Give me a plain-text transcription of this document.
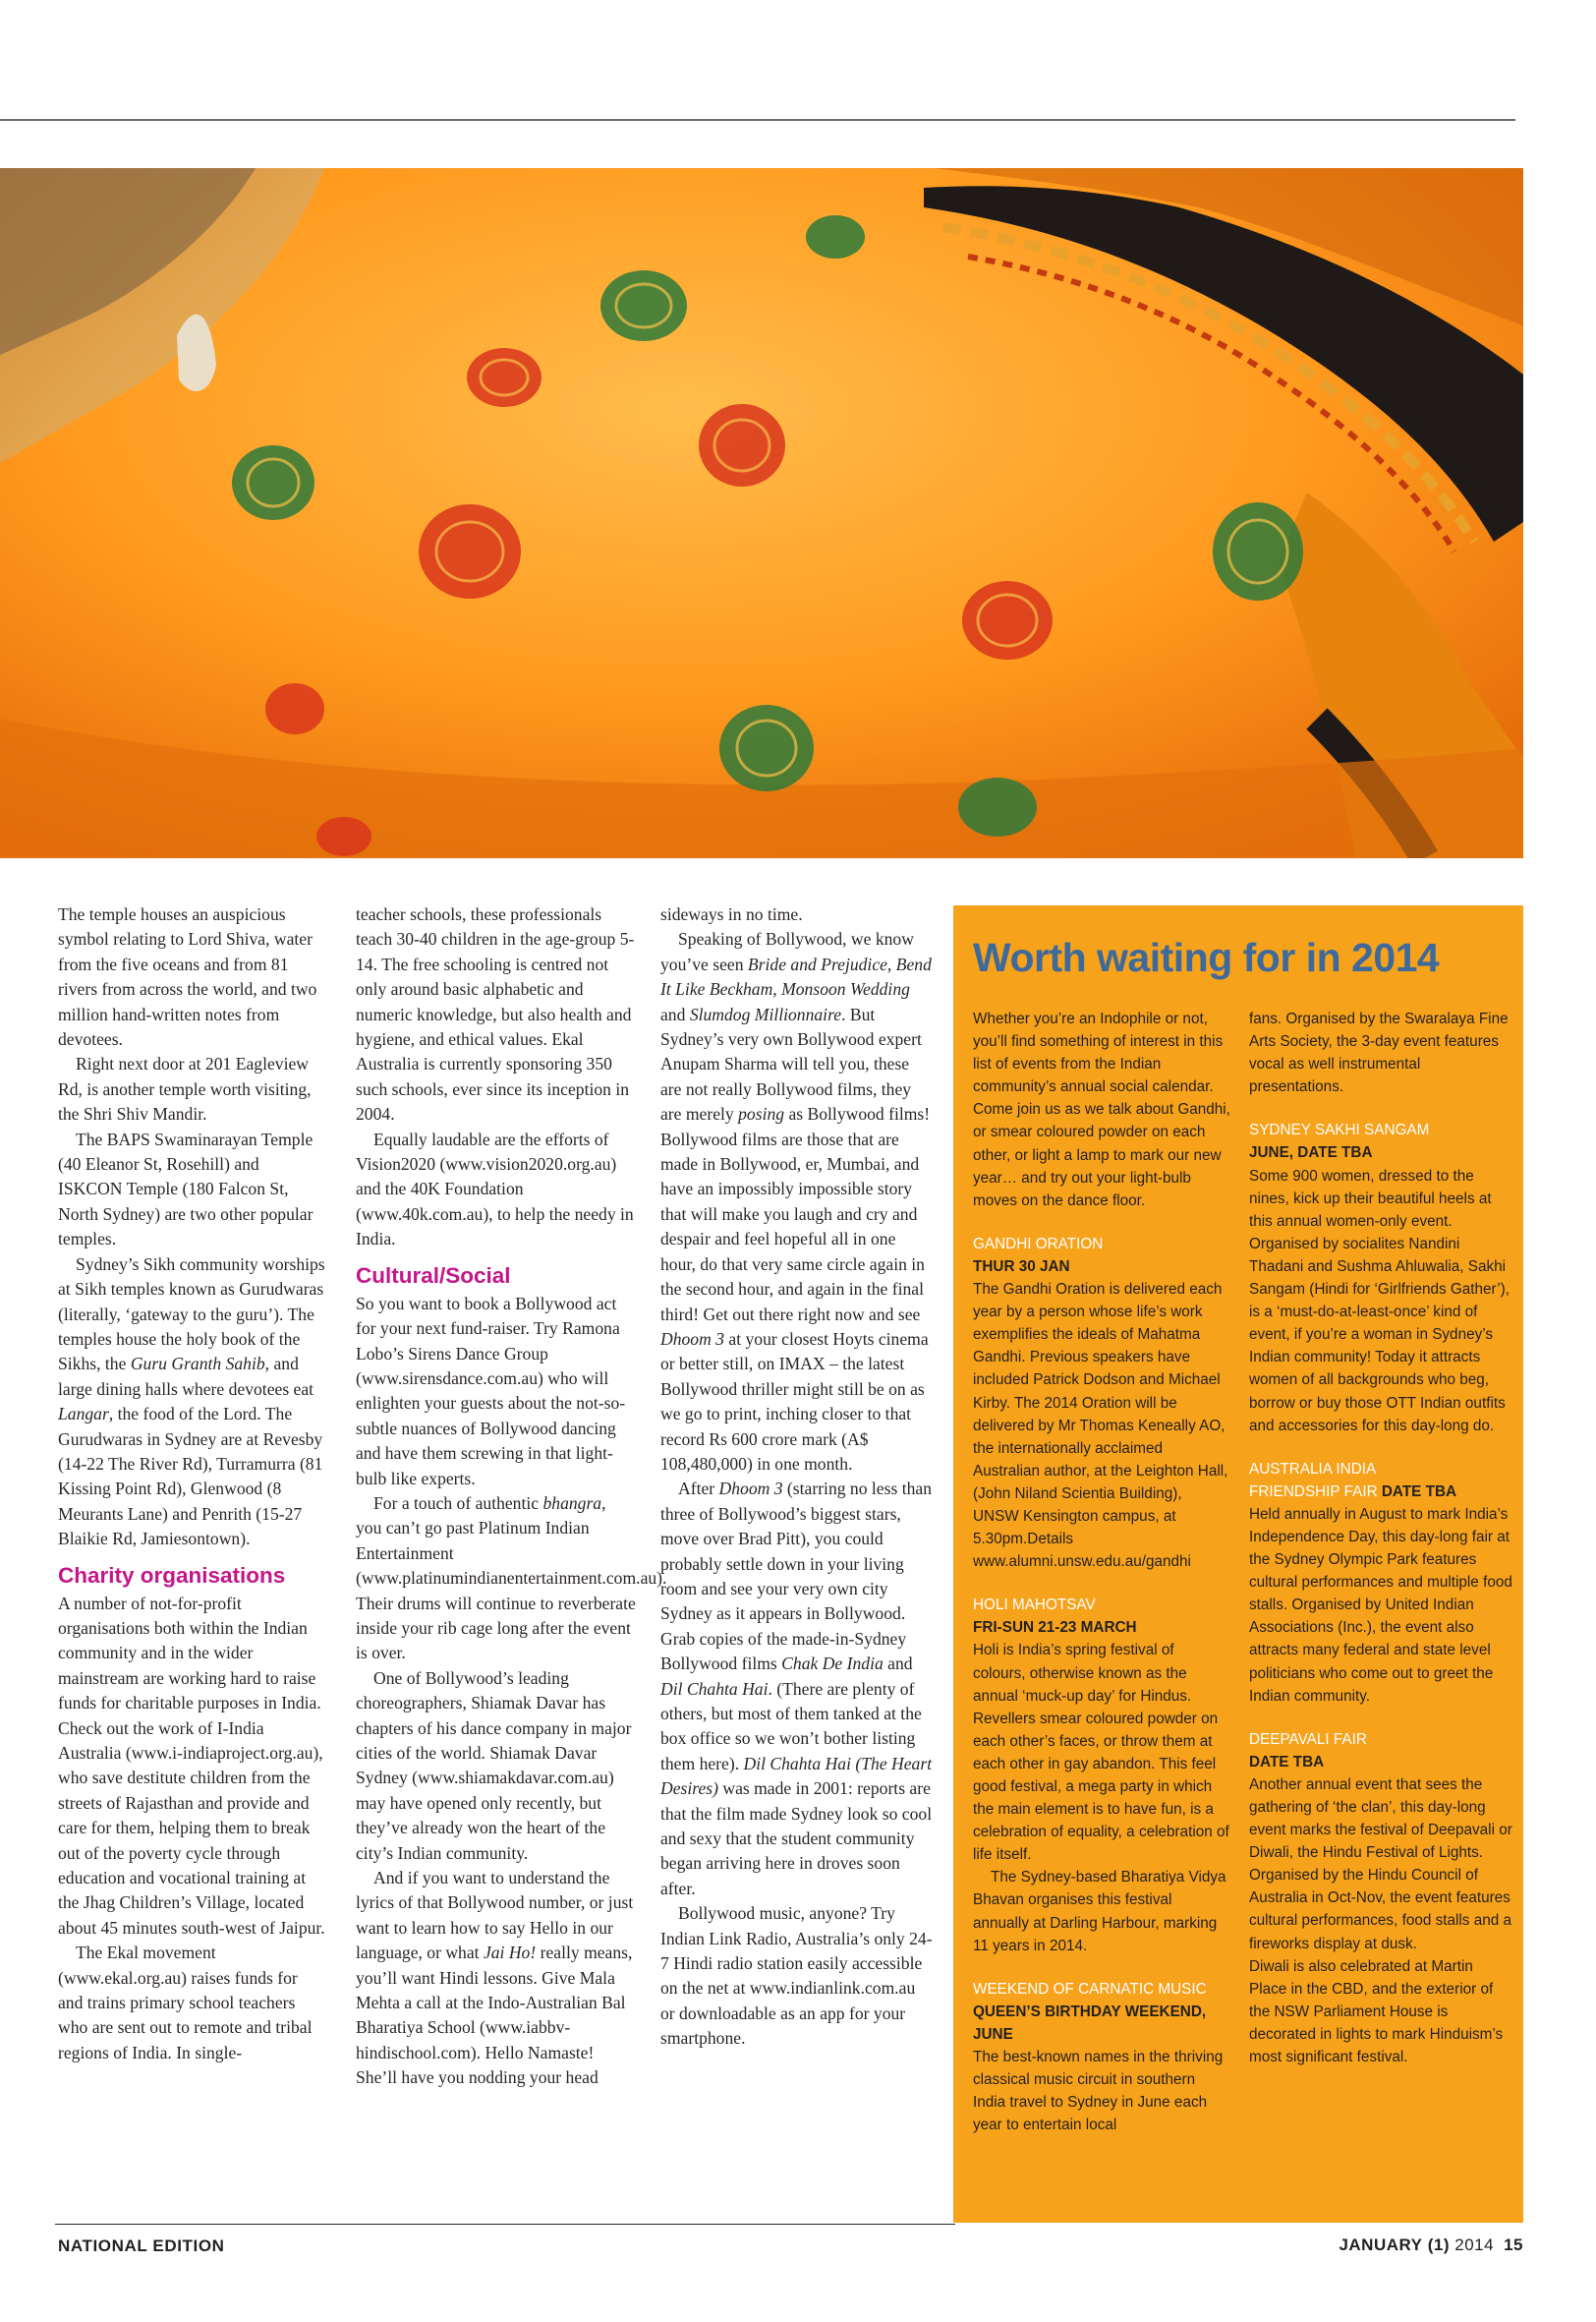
The temple houses an auspicious symbol relating to Lord Shiva, water from the five oceans and from 81 rivers from across the world, and two million hand-written notes from devotees.

Right next door at 201 Eagleview Rd, is another temple worth visiting, the Shri Shiv Mandir.

The BAPS Swaminarayan Temple (40 Eleanor St, Rosehill) and ISKCON Temple (180 Falcon St, North Sydney) are two other popular temples.

Sydney’s Sikh community worships at Sikh temples known as Gurudwaras (literally, ‘gateway to the guru’). The temples house the holy book of the Sikhs, the Guru Granth Sahib, and large dining halls where devotees eat Langar, the food of the Lord. The Gurudwaras in Sydney are at Revesby (14-22 The River Rd), Turramurra (81 Kissing Point Rd), Glenwood (8 Meurants Lane) and Penrith (15-27 Blaikie Rd, Jamiesontown).

Charity organisations

A number of not-for-profit organisations both within the Indian community and in the wider mainstream are working hard to raise funds for charitable purposes in India. Check out the work of I-India Australia (www.i-indiaproject.org.au), who save destitute children from the streets of Rajasthan and provide and care for them, helping them to break out of the poverty cycle through education and vocational training at the Jhag Children’s Village, located about 45 minutes south-west of Jaipur.

The Ekal movement (www.ekal.org.au) raises funds for and trains primary school teachers who are sent out to remote and tribal regions of India. In single-

teacher schools, these professionals teach 30-40 children in the age-group 5-14. The free schooling is centred not only around basic alphabetic and numeric knowledge, but also health and hygiene, and ethical values. Ekal Australia is currently sponsoring 350 such schools, ever since its inception in 2004.

Equally laudable are the efforts of Vision2020 (www.vision2020.org.au) and the 40K Foundation (www.40k.com.au), to help the needy in India.

Cultural/Social

So you want to book a Bollywood act for your next fund-raiser. Try Ramona Lobo’s Sirens Dance Group (www.sirensdance.com.au) who will enlighten your guests about the not-so-subtle nuances of Bollywood dancing and have them screwing in that light-bulb like experts.

For a touch of authentic bhangra, you can’t go past Platinum Indian Entertainment (www.platinumindianentertainment.com.au). Their drums will continue to reverberate inside your rib cage long after the event is over.

One of Bollywood’s leading choreographers, Shiamak Davar has chapters of his dance company in major cities of the world. Shiamak Davar Sydney (www.shiamakdavar.com.au) may have opened only recently, but they’ve already won the heart of the city’s Indian community.

And if you want to understand the lyrics of that Bollywood number, or just want to learn how to say Hello in our language, or what Jai Ho! really means, you’ll want Hindi lessons. Give Mala Mehta a call at the Indo-Australian Bal Bharatiya School (www.iabbv-hindischool.com). Hello Namaste! She’ll have you nodding your head

sideways in no time.

Speaking of Bollywood, we know you’ve seen Bride and Prejudice, Bend It Like Beckham, Monsoon Wedding and Slumdog Millionnaire. But Sydney’s very own Bollywood expert Anupam Sharma will tell you, these are not really Bollywood films, they are merely posing as Bollywood films! Bollywood films are those that are made in Bollywood, er, Mumbai, and have an impossibly impossible story that will make you laugh and cry and despair and feel hopeful all in one hour, do that very same circle again in the second hour, and again in the final third! Get out there right now and see Dhoom 3 at your closest Hoyts cinema or better still, on IMAX – the latest Bollywood thriller might still be on as we go to print, inching closer to that record Rs 600 crore mark (A$ 108,480,000) in one month.

After Dhoom 3 (starring no less than three of Bollywood’s biggest stars, move over Brad Pitt), you could probably settle down in your living room and see your very own city Sydney as it appears in Bollywood. Grab copies of the made-in-Sydney Bollywood films Chak De India and Dil Chahta Hai. (There are plenty of others, but most of them tanked at the box office so we won’t bother listing them here). Dil Chahta Hai (The Heart Desires) was made in 2001: reports are that the film made Sydney look so cool and sexy that the student community began arriving here in droves soon after.

Bollywood music, anyone? Try Indian Link Radio, Australia’s only 24-7 Hindi radio station easily accessible on the net at www.indianlink.com.au or downloadable as an app for your smartphone.

Worth waiting for in 2014

Whether you’re an Indophile or not, you’ll find something of interest in this list of events from the Indian community’s annual social calendar. Come join us as we talk about Gandhi, or smear coloured powder on each other, or light a lamp to mark our new year… and try out your light-bulb moves on the dance floor.

GANDHI ORATION

THUR 30 JAN

The Gandhi Oration is delivered each year by a person whose life’s work exemplifies the ideals of Mahatma Gandhi. Previous speakers have included Patrick Dodson and Michael Kirby. The 2014 Oration will be delivered by Mr Thomas Keneally AO, the internationally acclaimed Australian author, at the Leighton Hall, (John Niland Scientia Building), UNSW Kensington campus, at 5.30pm.Details www.alumni.unsw.edu.au/gandhi

HOLI MAHOTSAV

FRI-SUN 21-23 MARCH

Holi is India’s spring festival of colours, otherwise known as the annual ‘muck-up day’ for Hindus. Revellers smear coloured powder on each other’s faces, or throw them at each other in gay abandon. This feel good festival, a mega party in which the main element is to have fun, is a celebration of equality, a celebration of life itself.

The Sydney-based Bharatiya Vidya Bhavan organises this festival annually at Darling Harbour, marking 11 years in 2014.

WEEKEND OF CARNATIC MUSIC

QUEEN’S BIRTHDAY WEEKEND, JUNE

The best-known names in the thriving classical music circuit in southern India travel to Sydney in June each year to entertain local

fans. Organised by the Swaralaya Fine Arts Society, the 3-day event features vocal as well instrumental presentations.

SYDNEY SAKHI SANGAM

JUNE, DATE TBA

Some 900 women, dressed to the nines, kick up their beautiful heels at this annual women-only event. Organised by socialites Nandini Thadani and Sushma Ahluwalia, Sakhi Sangam (Hindi for ‘Girlfriends Gather’), is a ‘must-do-at-least-once’ kind of event, if you’re a woman in Sydney’s Indian community! Today it attracts women of all backgrounds who beg, borrow or buy those OTT Indian outfits and accessories for this day-long do.

AUSTRALIA INDIA

FRIENDSHIP FAIR DATE TBA

Held annually in August to mark India’s Independence Day, this day-long fair at the Sydney Olympic Park features cultural performances and multiple food stalls. Organised by United Indian Associations (Inc.), the event also attracts many federal and state level politicians who come out to greet the Indian community.

DEEPAVALI FAIR

DATE TBA

Another annual event that sees the gathering of ‘the clan’, this day-long event marks the festival of Deepavali or Diwali, the Hindu Festival of Lights. Organised by the Hindu Council of Australia in Oct-Nov, the event features cultural performances, food stalls and a fireworks display at dusk.

Diwali is also celebrated at Martin Place in the CBD, and the exterior of the NSW Parliament House is decorated in lights to mark Hinduism’s most significant festival.

NATIONAL EDITION	JANUARY (1) 2014 15
